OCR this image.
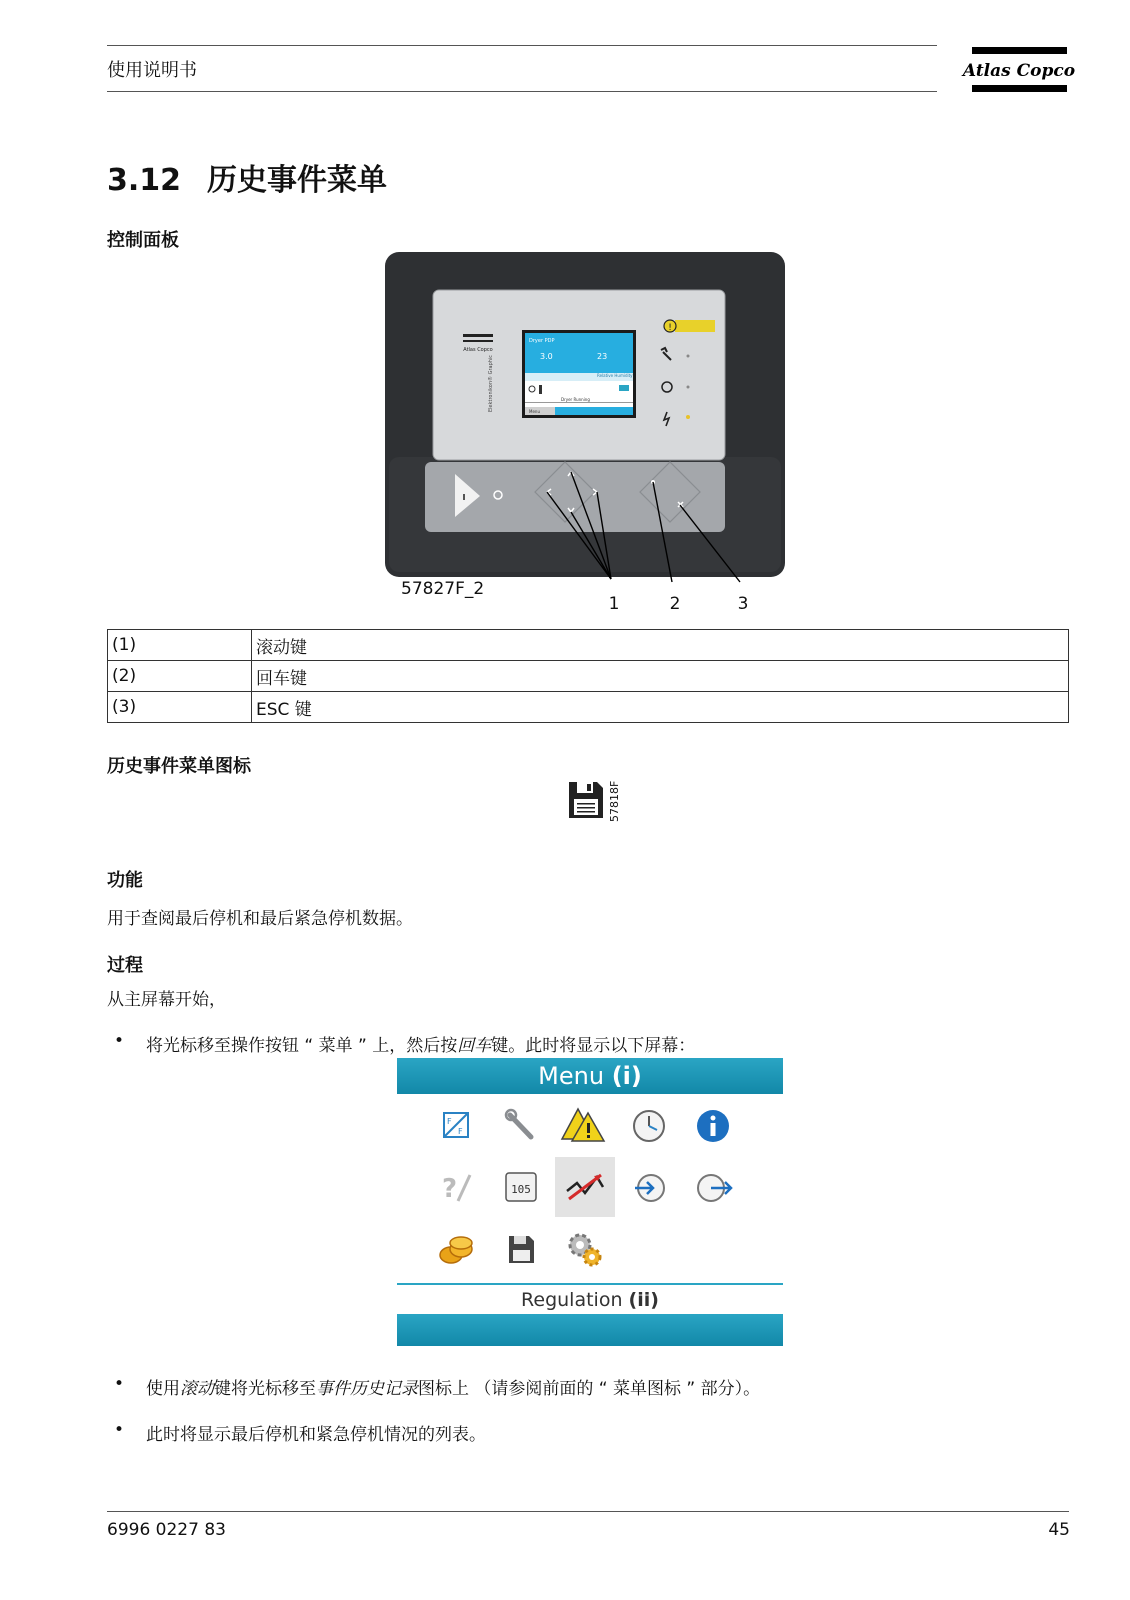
使用说明书	Atlas Copco
3.12 历史事件菜单
控制面板
Atlas Copco
Elektronikon® Graphic
Dryer PDP
3.0	23
Relative Humidity
Dryer Running
Menu
!
57827F_2
1	2	3
(1)	滚动键
(2)	回车键
(3)	ESC 键
历史事件菜单图标
57818F
功能
用于查阅最后停机和最后紧急停机数据。
过程
从主屏幕开始，
• 将光标移至操作按钮 “ 菜单 ” 上，然后按回车键。此时将显示以下屏幕：
Menu (i)
F
F
?	105
Regulation (ii)
• 使用滚动键将光标移至事件历史记录图标上 （请参阅前面的 “ 菜单图标 ” 部分）。
• 此时将显示最后停机和紧急停机情况的列表。
6996 0227 83	45
